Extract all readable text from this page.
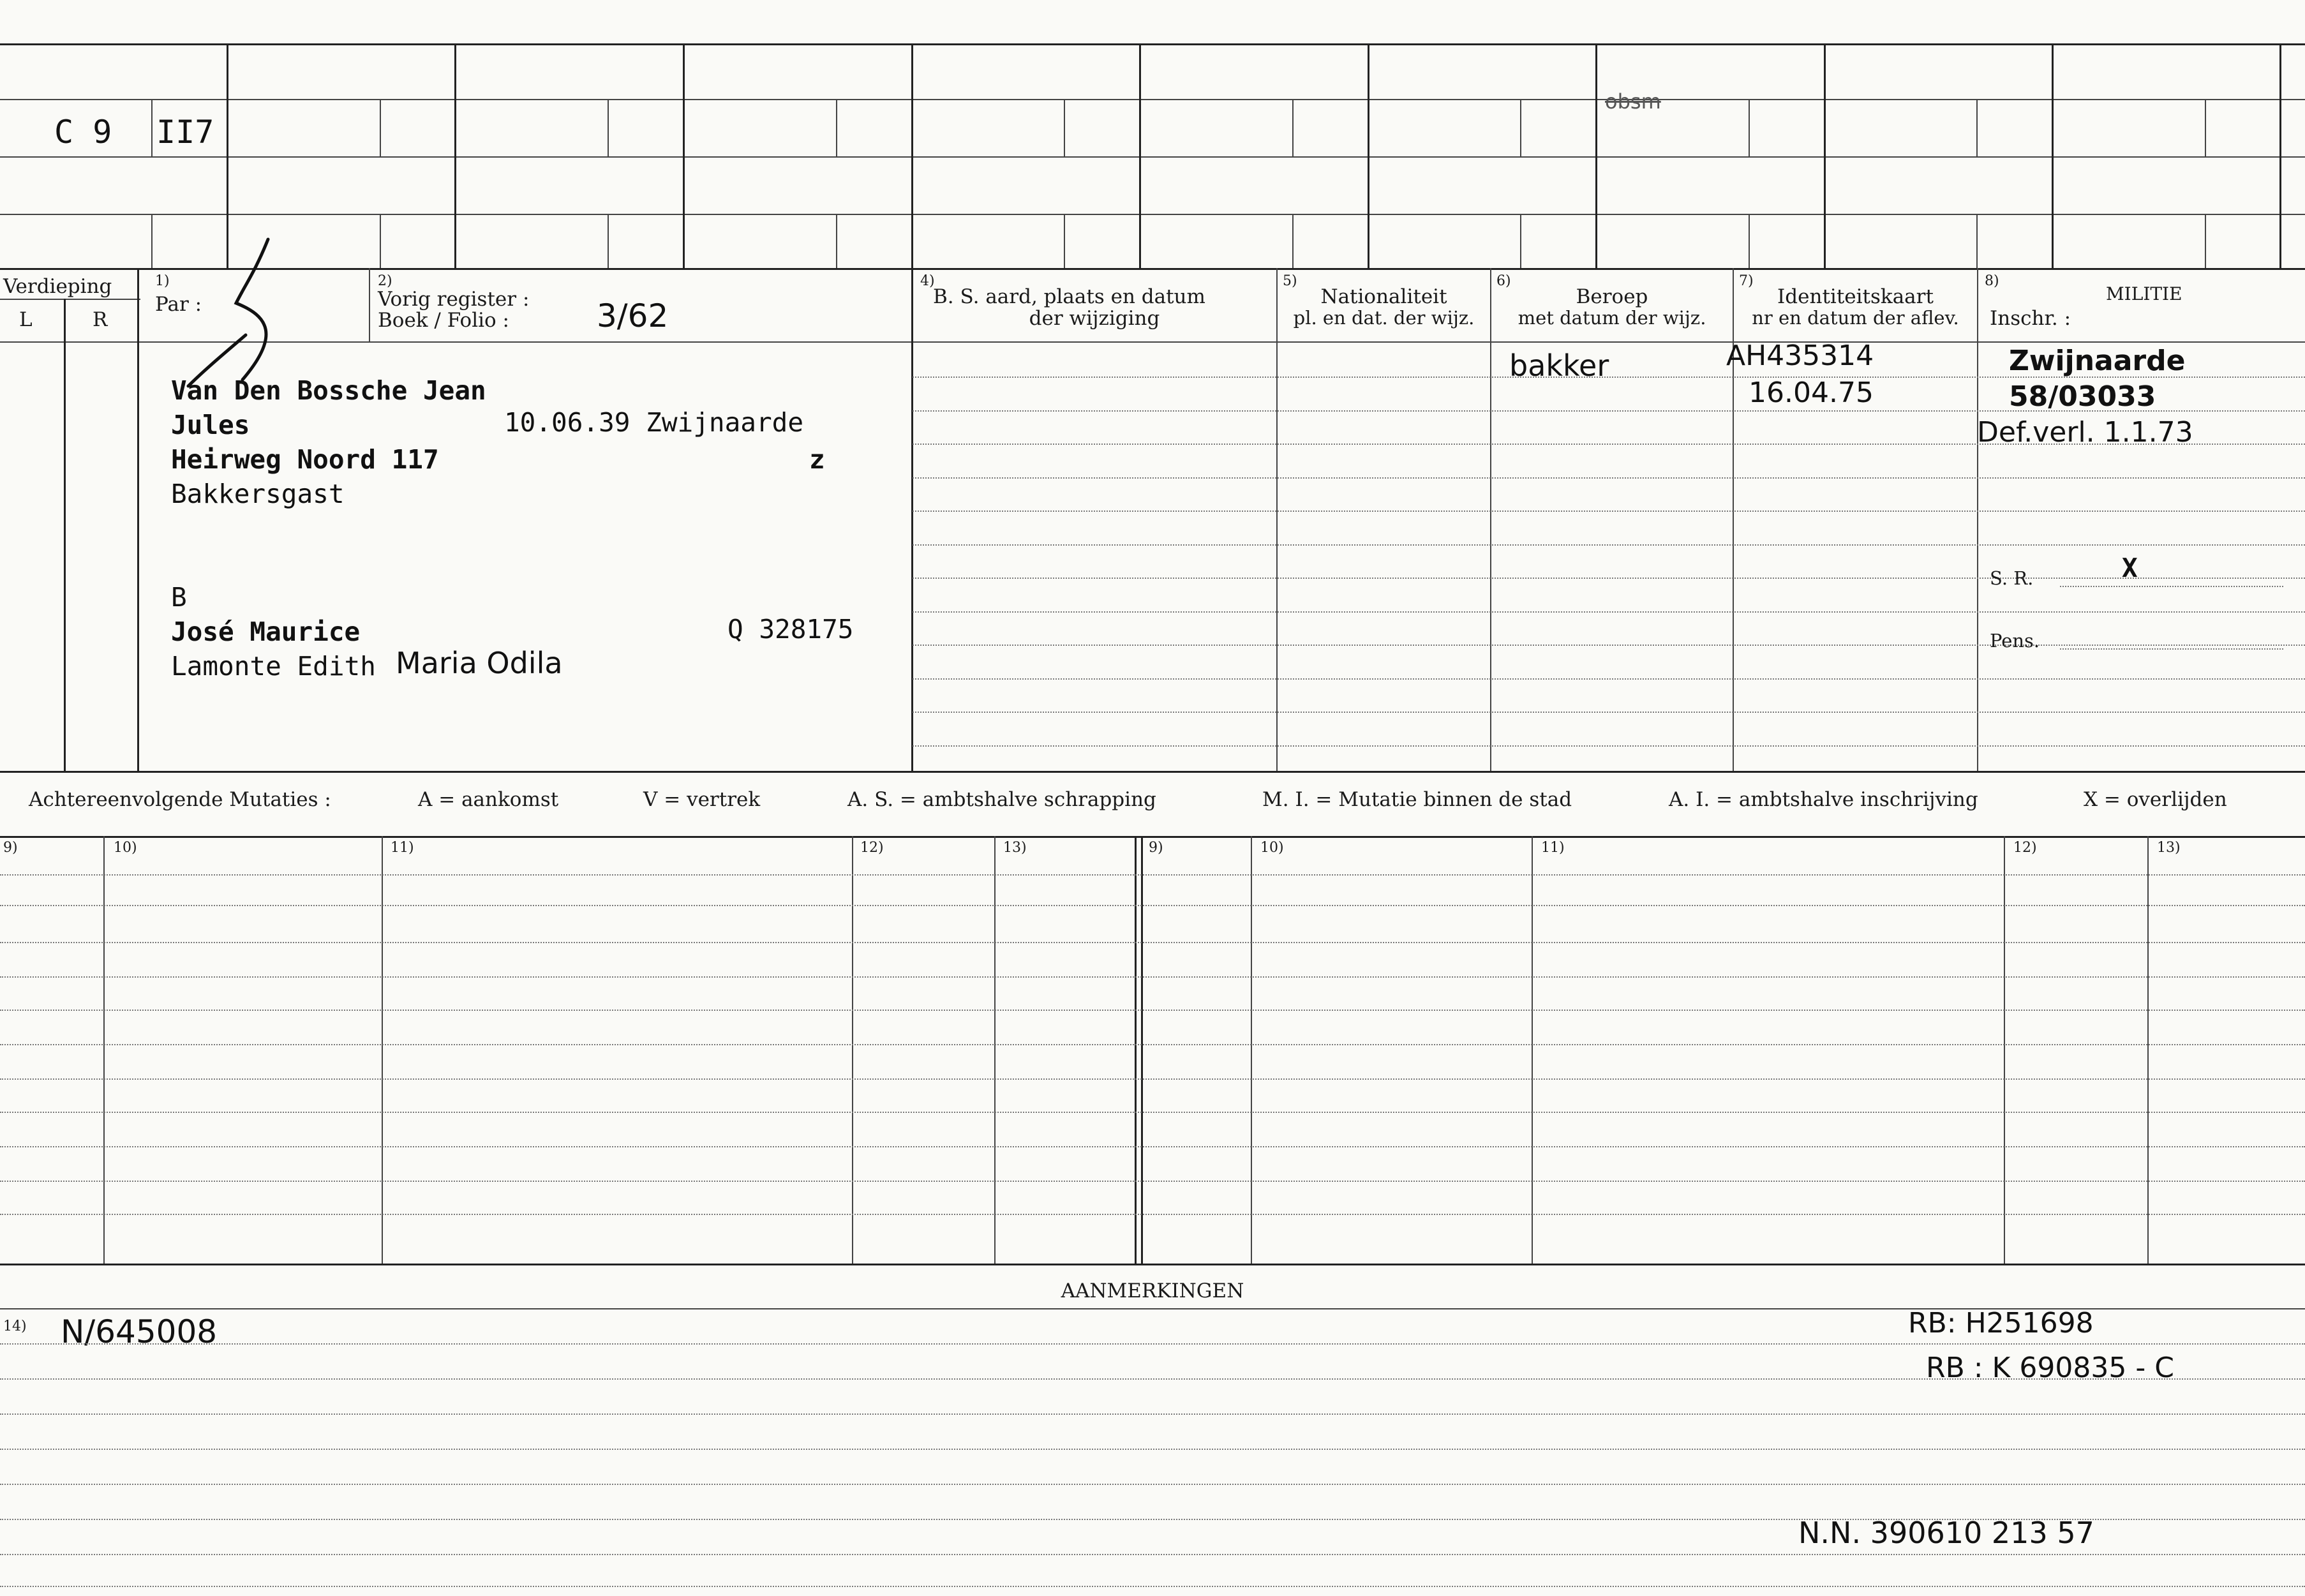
C 9 II7
obsm
Verdieping
L	R
1)
Par :
2)
Vorig register :
Boek / Folio :	3/62
4)
B. S. aard, plaats en datum
der wijziging
5)
Nationaliteit
pl. en dat. der wijz.
6)
Beroep
met datum der wijz.
7)
Identiteitskaart
nr en datum der aflev.
8)
MILITIE
Inschr. :
Van Den Bossche Jean
Jules	10.06.39 Zwijnaarde
Heirweg Noord 117	z
Bakkersgast
B
José Maurice	Q 328175
Lamonte Edith Maria Odila
bakker	AH435314
16.04.75
Zwijnaarde
58/03033
Def.verl. 1.1.73
S. R.	X
Pens.
Achtereenvolgende Mutaties :	A = aankomst	V = vertrek	A. S. = ambtshalve schrapping	M. I. = Mutatie binnen de stad	A. I. = ambtshalve inschrijving	X = overlijden
9)	10)	11)	12)	13)	9)	10)	11)	12)	13)
AANMERKINGEN
14) N/645008	RB: H251698
RB : K 690835 - C
N.N. 390610 213 57
